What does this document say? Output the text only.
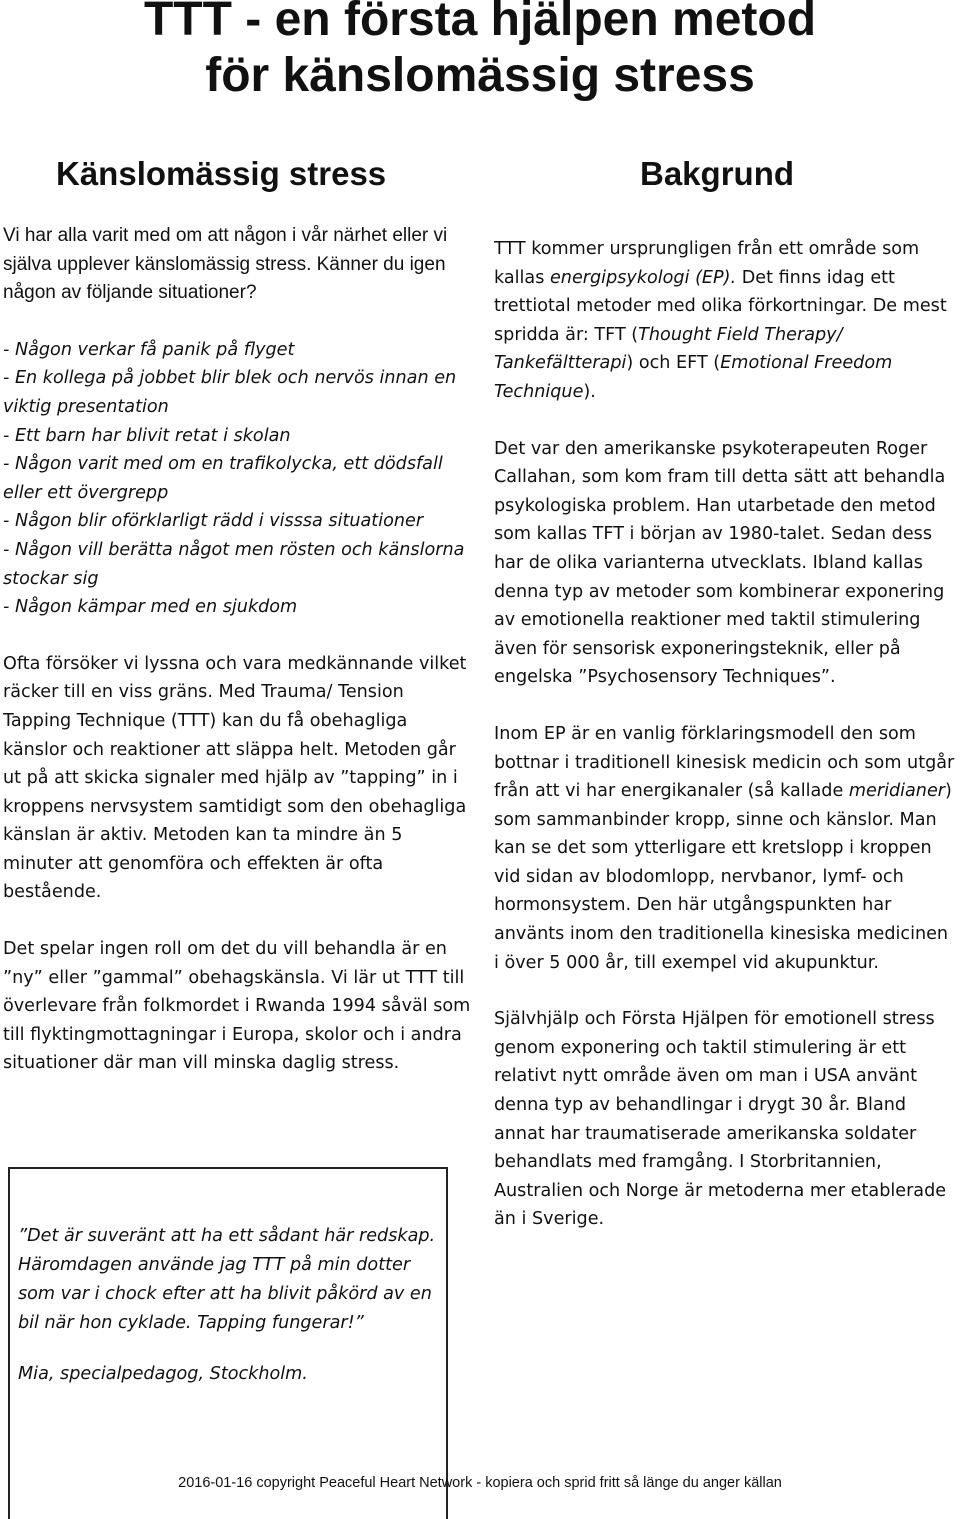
TTT - en första hjälpen metod
för känslomässig stress
Känslomässig stress	Bakgrund

Vi har alla varit med om att någon i vår närhet eller vi själva upplever känslomässig stress. Känner du igen någon av följande situationer?

- Någon verkar få panik på flyget
- En kollega på jobbet blir blek och nervös innan en viktig presentation
- Ett barn har blivit retat i skolan
- Någon varit med om en trafikolycka, ett dödsfall eller ett övergrepp
- Någon blir oförklarligt rädd i visssa situationer
- Någon vill berätta något men rösten och känslorna stockar sig
- Någon kämpar med en sjukdom

Ofta försöker vi lyssna och vara medkännande vilket räcker till en viss gräns. Med Trauma/ Tension Tapping Technique (TTT) kan du få obehagliga känslor och reaktioner att släppa helt. Metoden går ut på att skicka signaler med hjälp av ”tapping” in i kroppens nervsystem samtidigt som den obehagliga känslan är aktiv. Metoden kan ta mindre än 5 minuter att genomföra och effekten är ofta bestående.

Det spelar ingen roll om det du vill behandla är en ”ny” eller ”gammal” obehagskänsla. Vi lär ut TTT till överlevare från folkmordet i Rwanda 1994 såväl som till flyktingmottagningar i Europa, skolor och i andra situationer där man vill minska daglig stress.

”Det är suveränt att ha ett sådant här redskap. Häromdagen använde jag TTT på min dotter som var i chock efter att ha blivit påkörd av en bil när hon cyklade. Tapping fungerar!”

Mia, specialpedagog, Stockholm.

TTT kommer ursprungligen från ett område som kallas energipsykologi (EP). Det finns idag ett trettiotal metoder med olika förkortningar. De mest spridda är: TFT (Thought Field Therapy/ Tankefältterapi) och EFT (Emotional Freedom Technique).

Det var den amerikanske psykoterapeuten Roger Callahan, som kom fram till detta sätt att behandla psykologiska problem. Han utarbetade den metod som kallas TFT i början av 1980-talet. Sedan dess har de olika varianterna utvecklats. Ibland kallas denna typ av metoder som kombinerar exponering av emotionella reaktioner med taktil stimulering även för sensorisk exponeringsteknik, eller på engelska ”Psychosensory Techniques”.

Inom EP är en vanlig förklaringsmodell den som bottnar i traditionell kinesisk medicin och som utgår från att vi har energikanaler (så kallade meridianer) som sammanbinder kropp, sinne och känslor. Man kan se det som ytterligare ett kretslopp i kroppen vid sidan av blodomlopp, nervbanor, lymf- och hormonsystem. Den här utgångspunkten har använts inom den traditionella kinesiska medicinen i över 5 000 år, till exempel vid akupunktur.

Självhjälp och Första Hjälpen för emotionell stress genom exponering och taktil stimulering är ett relativt nytt område även om man i USA använt denna typ av behandlingar i drygt 30 år. Bland annat har traumatiserade amerikanska soldater behandlats med framgång. I Storbritannien, Australien och Norge är metoderna mer etablerade än i Sverige.

2016-01-16 copyright Peaceful Heart Network - kopiera och sprid fritt så länge du anger källan
